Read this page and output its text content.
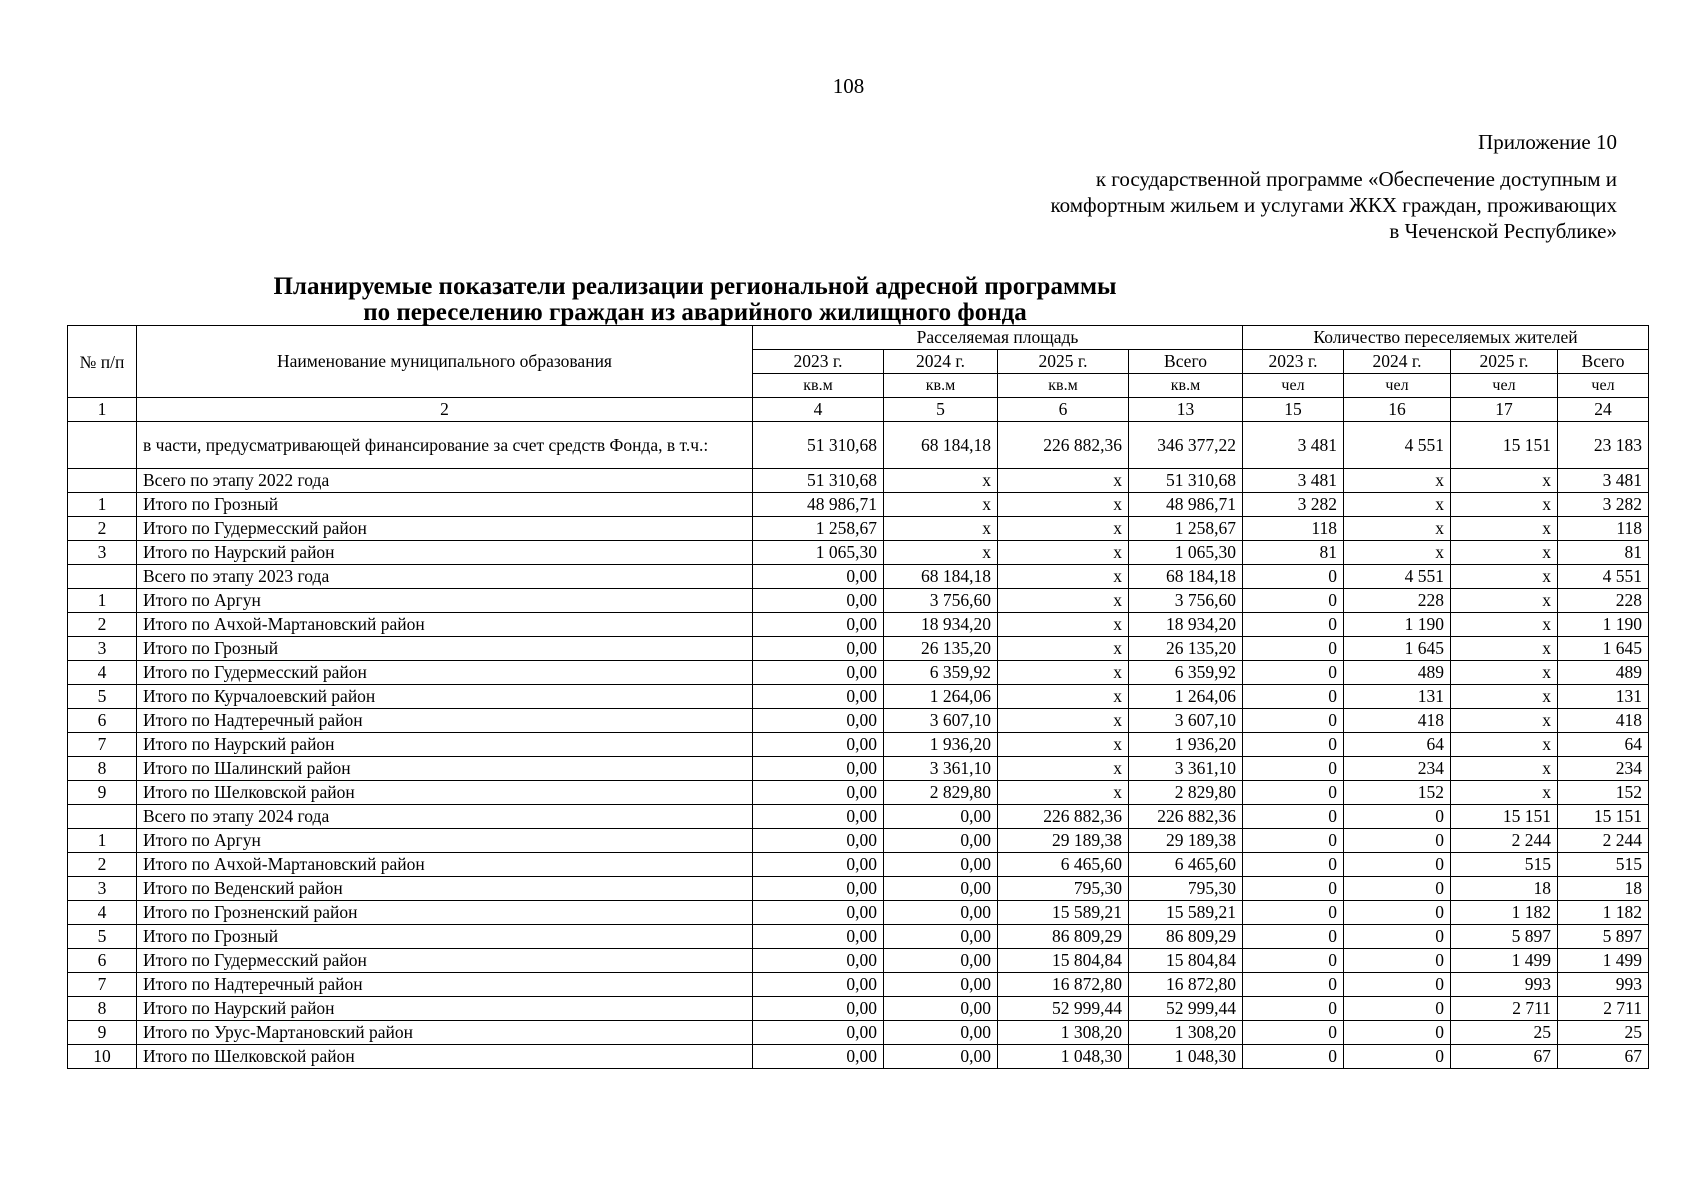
108
Приложение 10
к государственной программе «Обеспечение доступным и
комфортным жильем и услугами ЖКХ граждан, проживающих
в Чеченской Республике»
Планируемые показатели реализации региональной адресной программы
по переселению граждан из аварийного жилищного фонда
№ п/п	Наименование муниципального образования	Расселяемая площадь				Количество переселяемых жителей			
		2023 г.	2024 г.	2025 г.	Всего	2023 г.	2024 г.	2025 г.	Всего
		кв.м	кв.м	кв.м	кв.м	чел	чел	чел	чел
1	2	4	5	6	13	15	16	17	24
	в части, предусматривающей финансирование за счет средств Фонда, в т.ч.:	51 310,68	68 184,18	226 882,36	346 377,22	3 481	4 551	15 151	23 183
	Всего по этапу 2022 года	51 310,68	x	x	51 310,68	3 481	x	x	3 481
1	Итого по Грозный	48 986,71	x	x	48 986,71	3 282	x	x	3 282
2	Итого по Гудермесский район	1 258,67	x	x	1 258,67	118	x	x	118
3	Итого по Наурский район	1 065,30	x	x	1 065,30	81	x	x	81
	Всего по этапу 2023 года	0,00	68 184,18	x	68 184,18	0	4 551	x	4 551
1	Итого по Аргун	0,00	3 756,60	x	3 756,60	0	228	x	228
2	Итого по Ачхой-Мартановский район	0,00	18 934,20	x	18 934,20	0	1 190	x	1 190
3	Итого по Грозный	0,00	26 135,20	x	26 135,20	0	1 645	x	1 645
4	Итого по Гудермесский район	0,00	6 359,92	x	6 359,92	0	489	x	489
5	Итого по Курчалоевский район	0,00	1 264,06	x	1 264,06	0	131	x	131
6	Итого по Надтеречный район	0,00	3 607,10	x	3 607,10	0	418	x	418
7	Итого по Наурский район	0,00	1 936,20	x	1 936,20	0	64	x	64
8	Итого по Шалинский район	0,00	3 361,10	x	3 361,10	0	234	x	234
9	Итого по Шелковской район	0,00	2 829,80	x	2 829,80	0	152	x	152
	Всего по этапу 2024 года	0,00	0,00	226 882,36	226 882,36	0	0	15 151	15 151
1	Итого по Аргун	0,00	0,00	29 189,38	29 189,38	0	0	2 244	2 244
2	Итого по Ачхой-Мартановский район	0,00	0,00	6 465,60	6 465,60	0	0	515	515
3	Итого по Веденский район	0,00	0,00	795,30	795,30	0	0	18	18
4	Итого по Грозненский район	0,00	0,00	15 589,21	15 589,21	0	0	1 182	1 182
5	Итого по Грозный	0,00	0,00	86 809,29	86 809,29	0	0	5 897	5 897
6	Итого по Гудермесский район	0,00	0,00	15 804,84	15 804,84	0	0	1 499	1 499
7	Итого по Надтеречный район	0,00	0,00	16 872,80	16 872,80	0	0	993	993
8	Итого по Наурский район	0,00	0,00	52 999,44	52 999,44	0	0	2 711	2 711
9	Итого по Урус-Мартановский район	0,00	0,00	1 308,20	1 308,20	0	0	25	25
10	Итого по Шелковской район	0,00	0,00	1 048,30	1 048,30	0	0	67	67
